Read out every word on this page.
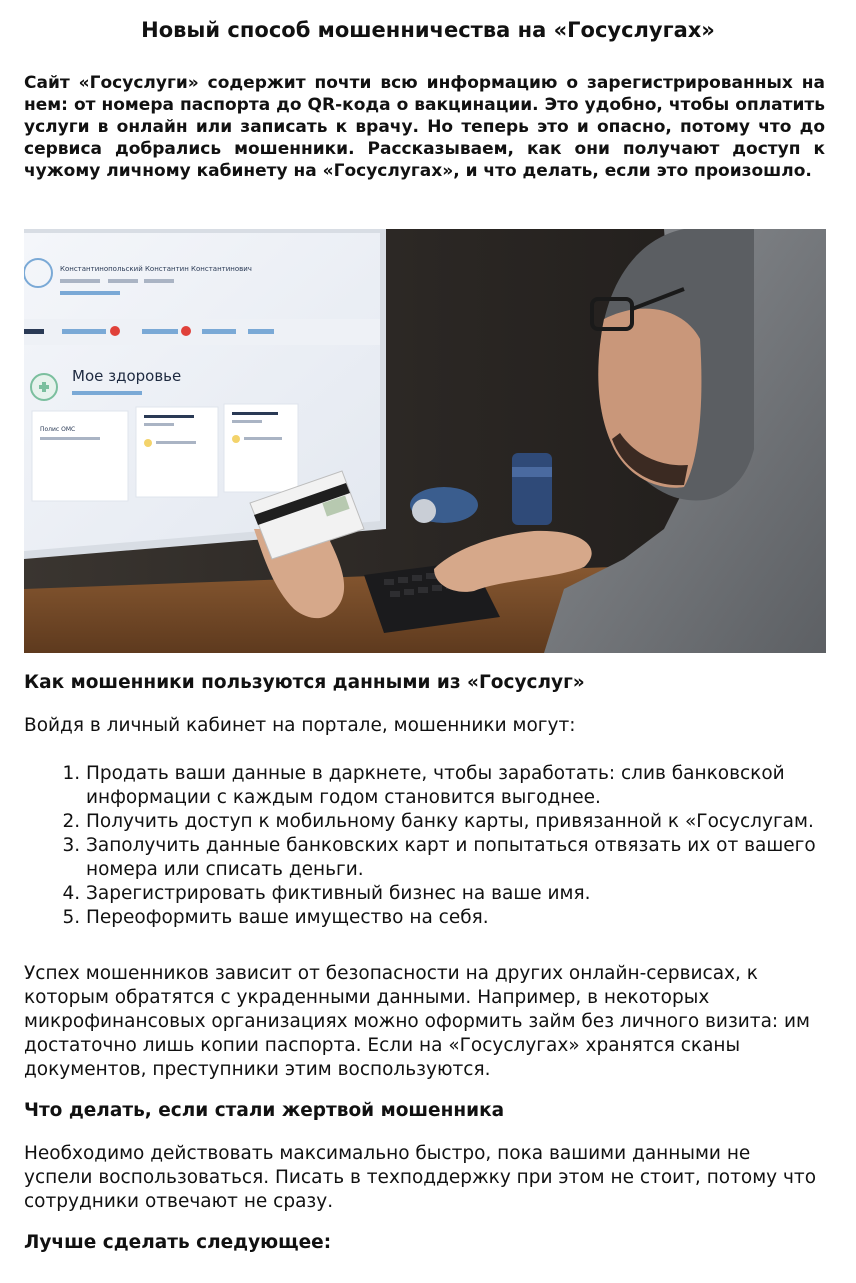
Новый способ мошенничества на «Госуслугах»

Сайт «Госуслуги» содержит почти всю информацию о зарегистрированных на нем: от номера паспорта до QR-кода о вакцинации. Это удобно, чтобы оплатить услуги в онлайн или записать к врачу. Но теперь это и опасно, потому что до сервиса добрались мошенники. Рассказываем, как они получают доступ к чужому личному кабинету на «Госуслугах», и что делать, если это произошло.

Константинопольский Константин Константинович
Мое здоровье
Полис ОМС
Как мошенники пользуются данными из «Госуслуг»

Войдя в личный кабинет на портале, мошенники могут:

1. Продать ваши данные в даркнете, чтобы заработать: слив банковской информации с каждым годом становится выгоднее.
2. Получить доступ к мобильному банку карты, привязанной к «Госуслугам.
3. Заполучить данные банковских карт и попытаться отвязать их от вашего номера или списать деньги.
4. Зарегистрировать фиктивный бизнес на ваше имя.
5. Переоформить ваше имущество на себя.

Успех мошенников зависит от безопасности на других онлайн-сервисах, к которым обратятся с украденными данными. Например, в некоторых микрофинансовых организациях можно оформить займ без личного визита: им достаточно лишь копии паспорта. Если на «Госуслугах» хранятся сканы документов, преступники этим воспользуются.

Что делать, если стали жертвой мошенника

Необходимо действовать максимально быстро, пока вашими данными не успели воспользоваться. Писать в техподдержку при этом не стоит, потому что сотрудники отвечают не сразу.

Лучше сделать следующее:
